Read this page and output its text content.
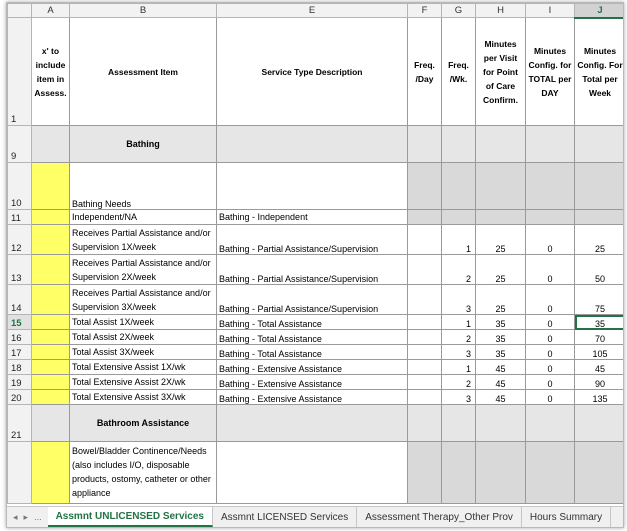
	A	B	E	F	G	H	I	J
1	x' to include item in Assess.	Assessment Item	Service Type Description	Freq. /Day	Freq. /Wk.	Minutes per Visit for Point of Care Confirm.	Minutes Config. for TOTAL per DAY	Minutes Config. For Total per Week
9		Bathing						
10		Bathing Needs						
11		Independent/NA	Bathing - Independent					
12		Receives Partial Assistance and/or Supervision 1X/week	Bathing - Partial Assistance/Supervision		1	25	0	25
13		Receives Partial Assistance and/or Supervision 2X/week	Bathing - Partial Assistance/Supervision		2	25	0	50
14		Receives Partial Assistance and/or Supervision 3X/week	Bathing - Partial Assistance/Supervision		3	25	0	75
15		Total Assist 1X/week	Bathing - Total Assistance		1	35	0	35
16		Total Assist 2X/week	Bathing - Total Assistance		2	35	0	70
17		Total Assist 3X/week	Bathing - Total Assistance		3	35	0	105
18		Total Extensive Assist 1X/wk	Bathing - Extensive Assistance		1	45	0	45
19		Total Extensive Assist 2X/wk	Bathing - Extensive Assistance		2	45	0	90
20		Total Extensive Assist 3X/wk	Bathing - Extensive Assistance		3	45	0	135
21		Bathroom Assistance						
		Bowel/Bladder Continence/Needs (also includes I/O, disposable products, ostomy, catheter or other appliance						
◂ ▸ ...	Assmnt UNLICENSED Services	Assmnt LICENSED Services	Assessment Therapy_Other Prov	Hours Summary
